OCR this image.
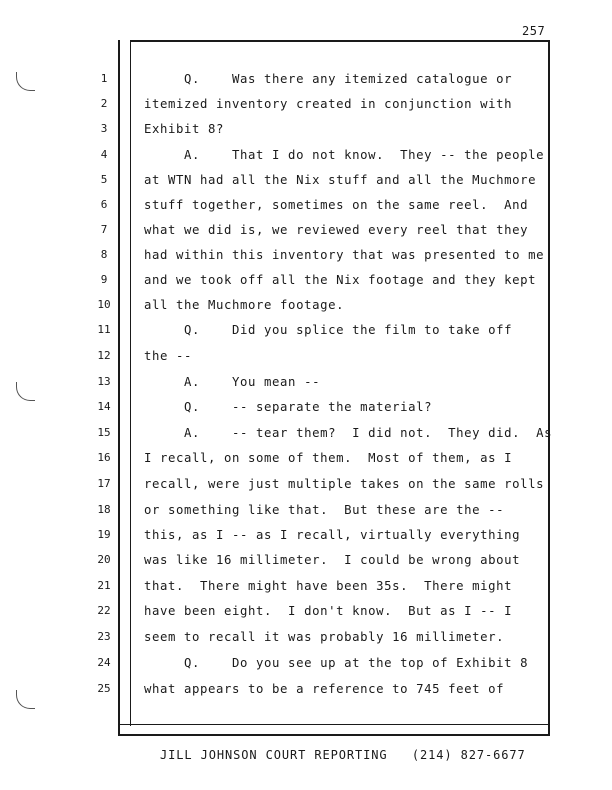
257
1	Q.    Was there any itemized catalogue or
2	itemized inventory created in conjunction with
3	Exhibit 8?
4	A.    That I do not know.  They -- the people
5	at WTN had all the Nix stuff and all the Muchmore
6	stuff together, sometimes on the same reel.  And
7	what we did is, we reviewed every reel that they
8	had within this inventory that was presented to me
9	and we took off all the Nix footage and they kept
10	all the Muchmore footage.
11	Q.    Did you splice the film to take off
12	the --
13	A.    You mean --
14	Q.    -- separate the material?
15	A.    -- tear them?  I did not.  They did.  As
16	I recall, on some of them.  Most of them, as I
17	recall, were just multiple takes on the same rolls
18	or something like that.  But these are the --
19	this, as I -- as I recall, virtually everything
20	was like 16 millimeter.  I could be wrong about
21	that.  There might have been 35s.  There might
22	have been eight.  I don't know.  But as I -- I
23	seem to recall it was probably 16 millimeter.
24	Q.    Do you see up at the top of Exhibit 8
25	what appears to be a reference to 745 feet of
JILL JOHNSON COURT REPORTING   (214) 827-6677
